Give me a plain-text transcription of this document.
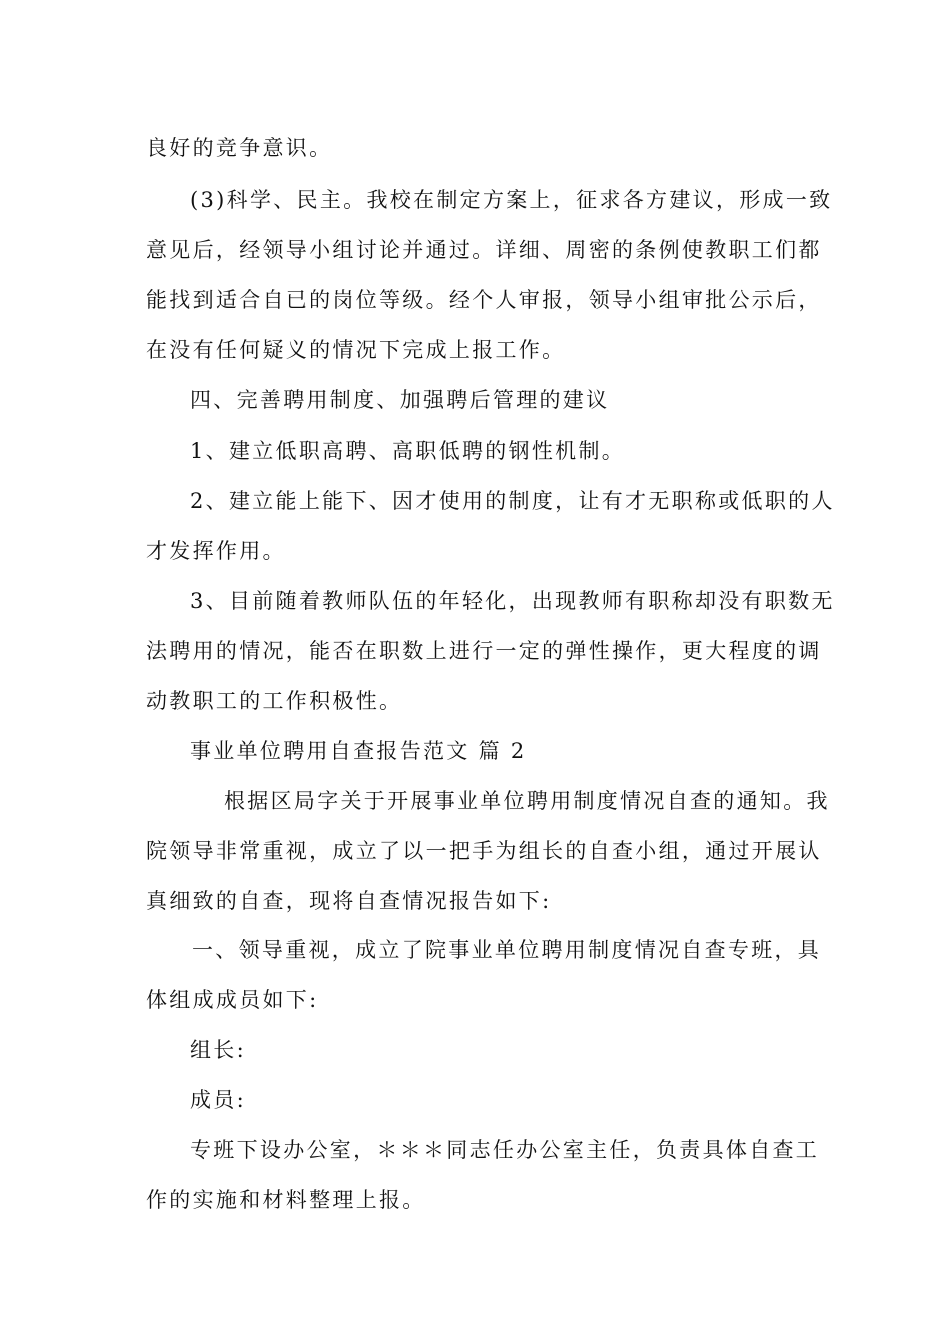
良好的竞争意识。
(3)科学、民主。我校在制定方案上，征求各方建议，形成一致
意见后，经领导小组讨论并通过。详细、周密的条例使教职工们都
能找到适合自已的岗位等级。经个人审报，领导小组审批公示后，
在没有任何疑义的情况下完成上报工作。
四、完善聘用制度、加强聘后管理的建议
1、建立低职高聘、高职低聘的钢性机制。
2、建立能上能下、因才使用的制度，让有才无职称或低职的人
才发挥作用。
3、目前随着教师队伍的年轻化，出现教师有职称却没有职数无
法聘用的情况，能否在职数上进行一定的弹性操作，更大程度的调
动教职工的工作积极性。
事业单位聘用自查报告范文 篇 2
根据区局字关于开展事业单位聘用制度情况自查的通知。我
院领导非常重视，成立了以一把手为组长的自查小组，通过开展认
真细致的自查，现将自查情况报告如下:
一、领导重视，成立了院事业单位聘用制度情况自查专班，具
体组成成员如下:
组长:
成员:
专班下设办公室，＊＊＊同志任办公室主任，负责具体自查工
作的实施和材料整理上报。
